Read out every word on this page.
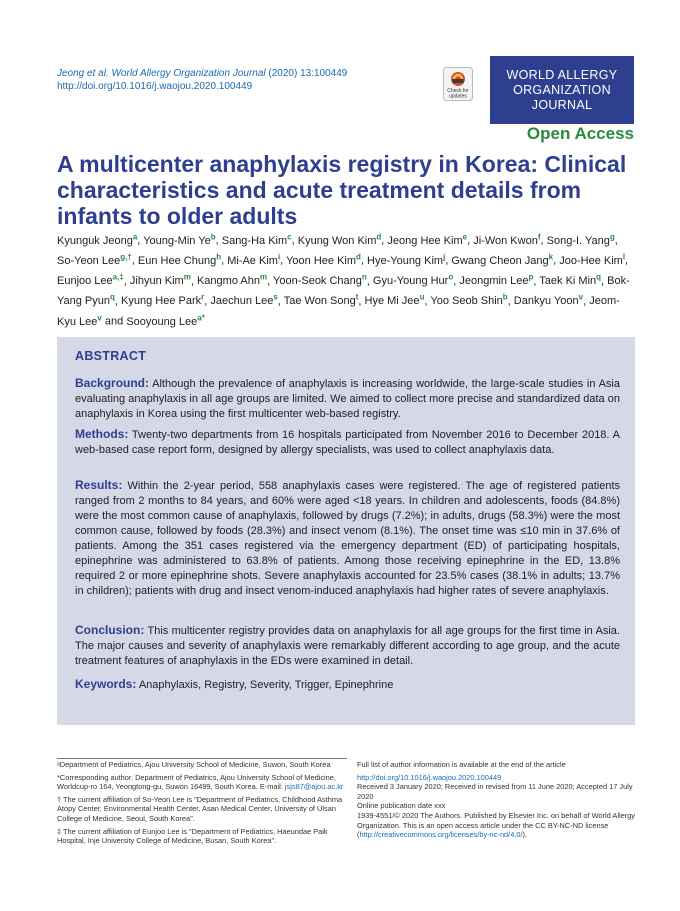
Jeong et al. World Allergy Organization Journal (2020) 13:100449
http://doi.org/10.1016/j.waojou.2020.100449	Check for
updates
WORLD ALLERGY
ORGANIZATION
JOURNAL
Open Access
A multicenter anaphylaxis registry in Korea: Clinical characteristics and acute treatment details from infants to older adults
Kyunguk Jeong$^a$, Young-Min Ye$^b$, Sang-Ha Kim$^c$, Kyung Won Kim$^d$, Jeong Hee Kim$^e$, Ji-Won Kwon$^f$, Song-I. Yang$^g$, So-Yeon Lee$^{g,\dagger}$, Eun Hee Chung$^h$, Mi-Ae Kim$^i$, Yoon Hee Kim$^d$, Hye-Young Kim$^j$, Gwang Cheon Jang$^k$, Joo-Hee Kim$^l$, Eunjoo Lee$^{a,\ddagger}$, Jihyun Kim$^m$, Kangmo Ahn$^m$, Yoon-Seok Chang$^n$, Gyu-Young Hur$^o$, Jeongmin Lee$^p$, Taek Ki Min$^q$, Bok-Yang Pyun$^q$, Kyung Hee Park$^r$, Jaechun Lee$^s$, Tae Won Song$^t$, Hye Mi Jee$^u$, Yoo Seob Shin$^b$, Dankyu Yoon$^v$, Jeom-Kyu Lee$^v$ and Sooyoung Lee$^{a*}$
ABSTRACT
Background: Although the prevalence of anaphylaxis is increasing worldwide, the large-scale studies in Asia evaluating anaphylaxis in all age groups are limited. We aimed to collect more precise and standardized data on anaphylaxis in Korea using the first multicenter web-based registry.
Methods: Twenty-two departments from 16 hospitals participated from November 2016 to December 2018. A web-based case report form, designed by allergy specialists, was used to collect anaphylaxis data.
Results: Within the 2-year period, 558 anaphylaxis cases were registered. The age of registered patients ranged from 2 months to 84 years, and 60% were aged <18 years. In children and adolescents, foods (84.8%) were the most common cause of anaphylaxis, followed by drugs (7.2%); in adults, drugs (58.3%) were the most common cause, followed by foods (28.3%) and insect venom (8.1%). The onset time was ≤10 min in 37.6% of patients. Among the 351 cases registered via the emergency department (ED) of participating hospitals, epinephrine was administered to 63.8% of patients. Among those receiving epinephrine in the ED, 13.8% required 2 or more epinephrine shots. Severe anaphylaxis accounted for 23.5% cases (38.1% in adults; 13.7% in children); patients with drug and insect venom-induced anaphylaxis had higher rates of severe anaphylaxis.
Conclusion: This multicenter registry provides data on anaphylaxis for all age groups for the first time in Asia. The major causes and severity of anaphylaxis were remarkably different according to age group, and the acute treatment features of anaphylaxis in the EDs were examined in detail.
Keywords: Anaphylaxis, Registry, Severity, Trigger, Epinephrine

ᵃDepartment of Pediatrics, Ajou University School of Medicine, Suwon, South Korea

*Corresponding author. Department of Pediatrics, Ajou University School of Medicine, Worldcup-ro 164, Yeongtong-gu, Suwon 16499, South Korea. E-mail: jsjs87@ajou.ac.kr

† The current affiliation of So-Yeon Lee is "Department of Pediatrics, Childhood Asthma Atopy Center, Environmental Health Center, Asan Medical Center, University of Ulsan College of Medicine, Seoul, South Korea".

‡ The current affiliation of Eunjoo Lee is "Department of Pediatrics, Haeundae Paik Hospital, Inje University College of Medicine, Busan, South Korea".

Full list of author information is available at the end of the article

http://doi.org/10.1016/j.waojou.2020.100449

Received 3 January 2020; Received in revised from 11 June 2020; Accepted 17 July 2020

Online publication date xxx

1939-4551/© 2020 The Authors. Published by Elsevier Inc. on behalf of World Allergy Organization. This is an open access article under the CC BY-NC-ND license (http://creativecommons.org/licenses/by-nc-nd/4.0/).
